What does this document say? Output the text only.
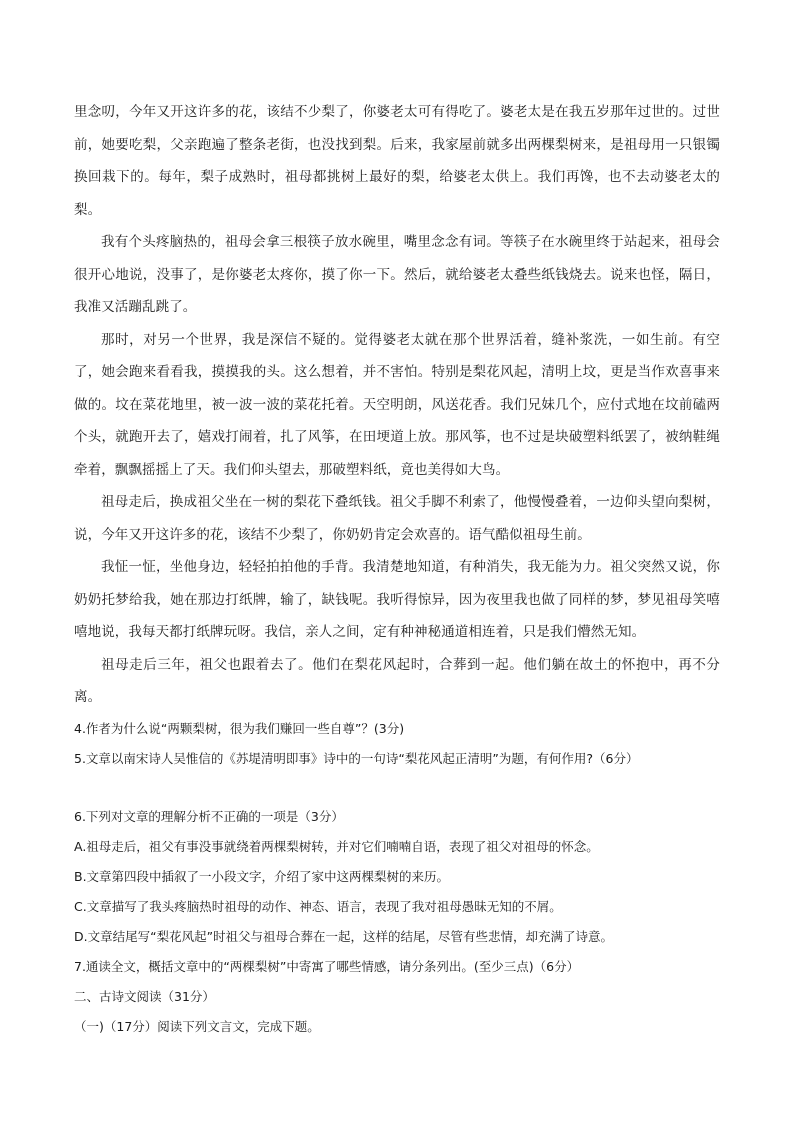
里念叨，今年又开这许多的花，该结不少梨了，你婆老太可有得吃了。婆老太是在我五岁那年过世的。过世前，她要吃梨，父亲跑遍了整条老街，也没找到梨。后来，我家屋前就多出两棵梨树来，是祖母用一只银镯换回栽下的。每年，梨子成熟时，祖母都挑树上最好的梨，给婆老太供上。我们再馋，也不去动婆老太的梨。

我有个头疼脑热的，祖母会拿三根筷子放水碗里，嘴里念念有词。等筷子在水碗里终于站起来，祖母会很开心地说，没事了，是你婆老太疼你，摸了你一下。然后，就给婆老太叠些纸钱烧去。说来也怪，隔日，我准又活蹦乱跳了。

那时，对另一个世界，我是深信不疑的。觉得婆老太就在那个世界活着，缝补浆洗，一如生前。有空了，她会跑来看看我，摸摸我的头。这么想着，并不害怕。特别是梨花风起，清明上坟，更是当作欢喜事来做的。坟在菜花地里，被一波一波的菜花托着。天空明朗，风送花香。我们兄妹几个，应付式地在坟前磕两个头，就跑开去了，嬉戏打闹着，扎了风筝，在田埂道上放。那风筝，也不过是块破塑料纸罢了，被纳鞋绳牵着，飘飘摇摇上了天。我们仰头望去，那破塑料纸，竟也美得如大鸟。

祖母走后，换成祖父坐在一树的梨花下叠纸钱。祖父手脚不利索了，他慢慢叠着，一边仰头望向梨树，说，今年又开这许多的花，该结不少梨了，你奶奶肯定会欢喜的。语气酷似祖母生前。

我怔一怔，坐他身边，轻轻拍拍他的手背。我清楚地知道，有种消失，我无能为力。祖父突然又说，你奶奶托梦给我，她在那边打纸牌，输了，缺钱呢。我听得惊异，因为夜里我也做了同样的梦，梦见祖母笑嘻嘻地说，我每天都打纸牌玩呀。我信，亲人之间，定有种神秘通道相连着，只是我们懵然无知。

祖母走后三年，祖父也跟着去了。他们在梨花风起时，合葬到一起。他们躺在故土的怀抱中，再不分离。

4.作者为什么说“两颗梨树，很为我们赚回一些自尊”？(3分)

5.文章以南宋诗人吴惟信的《苏堤清明即事》诗中的一句诗“梨花风起正清明”为题，有何作用?（6分）

6.下列对文章的理解分析不正确的一项是（3分）

A.祖母走后，祖父有事没事就绕着两棵梨树转，并对它们喃喃自语，表现了祖父对祖母的怀念。

B.文章第四段中插叙了一小段文字，介绍了家中这两棵梨树的来历。

C.文章描写了我头疼脑热时祖母的动作、神态、语言，表现了我对祖母愚昧无知的不屑。

D.文章结尾写“梨花风起”时祖父与祖母合葬在一起，这样的结尾，尽管有些悲情，却充满了诗意。

7.通读全文，概括文章中的“两棵梨树”中寄寓了哪些情感，请分条列出。(至少三点)（6分）

二、古诗文阅读（31分）

（一)（17分）阅读下列文言文，完成下题。
